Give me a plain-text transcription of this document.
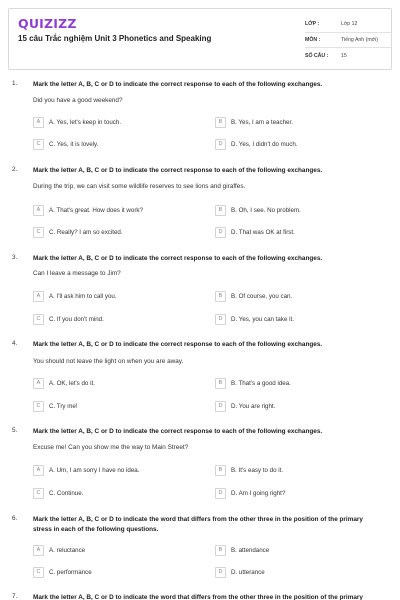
QUIZIZZ
15 câu Trắc nghiệm Unit 3 Phonetics and Speaking
LỚP :	Lớp 12
MÔN :	Tiếng Anh (mới)
SỐ CÂU :	15
1. Mark the letter A, B, C or D to indicate the correct response to each of the following exchanges.
Did you have a good weekend?
A	A. Yes, let's keep in touch.	B	B. Yes, I am a teacher.
C	C. Yes, it is lovely.	D	D. Yes, I didn't do much.
2. Mark the letter A, B, C or D to indicate the correct response to each of the following exchanges.
During the trip, we can visit some wildlife reserves to see lions and giraffes.
A	A. That's great. How does it work?	B	B. Oh, I see. No problem.
C	C. Really? I am so excited.	D	D. That was OK at first.
3. Mark the letter A, B, C or D to indicate the correct response to each of the following exchanges.
Can I leave a message to Jim?
A	A. I'll ask him to call you.	B	B. Of course, you can.
C	C. If you don't mind.	D	D. Yes, you can take it.
4. Mark the letter A, B, C or D to indicate the correct response to each of the following exchanges.
You should not leave the light on when you are away.
A	A. OK, let's do it.	B	B. That's a good idea.
C	C. Try me!	D	D. You are right.
5. Mark the letter A, B, C or D to indicate the correct response to each of the following exchanges.
Excuse me! Can you show me the way to Main Street?
A	A. Um, I am sorry I have no idea.	B	B. It's easy to do it.
C	C. Continue.	D	D. Am I going right?
6. Mark the letter A, B, C or D to indicate the word that differs from the other three in the position of the primary stress in each of the following questions.
A	A. reluctance	B	B. attendance
C	C. performance	D	D. utterance
7. Mark the letter A, B, C or D to indicate the word that differs from the other three in the position of the primary
